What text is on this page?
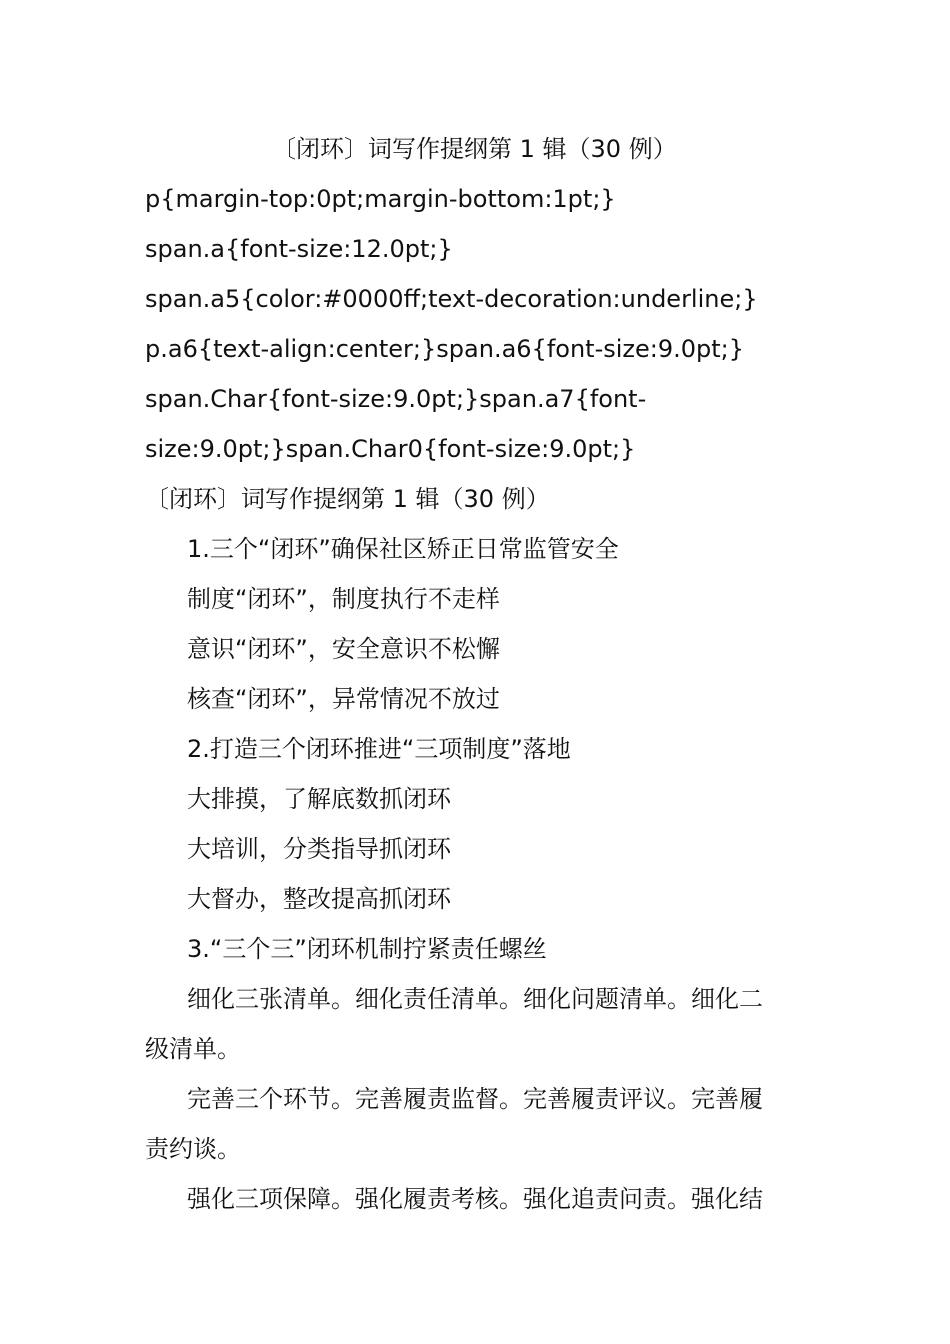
〔闭环〕词写作提纲第 1 辑（30 例）

p{margin-top:0pt;margin-bottom:1pt;}

span.a{font-size:12.0pt;}

span.a5{color:#0000ff;text-decoration:underline;}

p.a6{text-align:center;}span.a6{font-size:9.0pt;}

span.Char{font-size:9.0pt;}span.a7{font-

size:9.0pt;}span.Char0{font-size:9.0pt;}

〔闭环〕词写作提纲第 1 辑（30 例）

1.三个“闭环”确保社区矫正日常监管安全

制度“闭环”，制度执行不走样

意识“闭环”，安全意识不松懈

核查“闭环”，异常情况不放过

2.打造三个闭环推进“三项制度”落地

大排摸，了解底数抓闭环

大培训，分类指导抓闭环

大督办，整改提高抓闭环

3.“三个三”闭环机制拧紧责任螺丝

细化三张清单。细化责任清单。细化问题清单。细化二

级清单。

完善三个环节。完善履责监督。完善履责评议。完善履

责约谈。

强化三项保障。强化履责考核。强化追责问责。强化结
